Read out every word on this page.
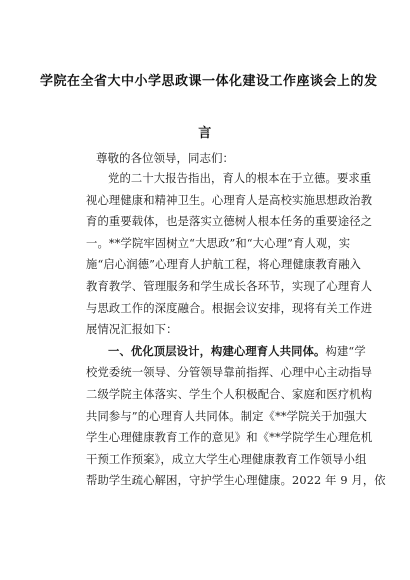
学院在全省大中小学思政课一体化建设工作座谈会上的发
言
尊敬的各位领导，同志们：
党的二十大报告指出，育人的根本在于立德。要求重
视心理健康和精神卫生。心理育人是高校实施思想政治教
育的重要载体，也是落实立德树人根本任务的重要途径之
一。**学院牢固树立“大思政”和“大心理”育人观，实
施“启心润德”心理育人护航工程，将心理健康教育融入
教育教学、管理服务和学生成长各环节，实现了心理育人
与思政工作的深度融合。根据会议安排，现将有关工作进
展情况汇报如下：
一、优化顶层设计，构建心理育人共同体。构建“学
校党委统一领导、分管领导靠前指挥、心理中心主动指导
二级学院主体落实、学生个人积极配合、家庭和医疗机构
共同参与”的心理育人共同体。制定《**学院关于加强大
学生心理健康教育工作的意见》和《**学院学生心理危机
干预工作预案》，成立大学生心理健康教育工作领导小组
帮助学生疏心解困，守护学生心理健康。2022 年 9 月，依
